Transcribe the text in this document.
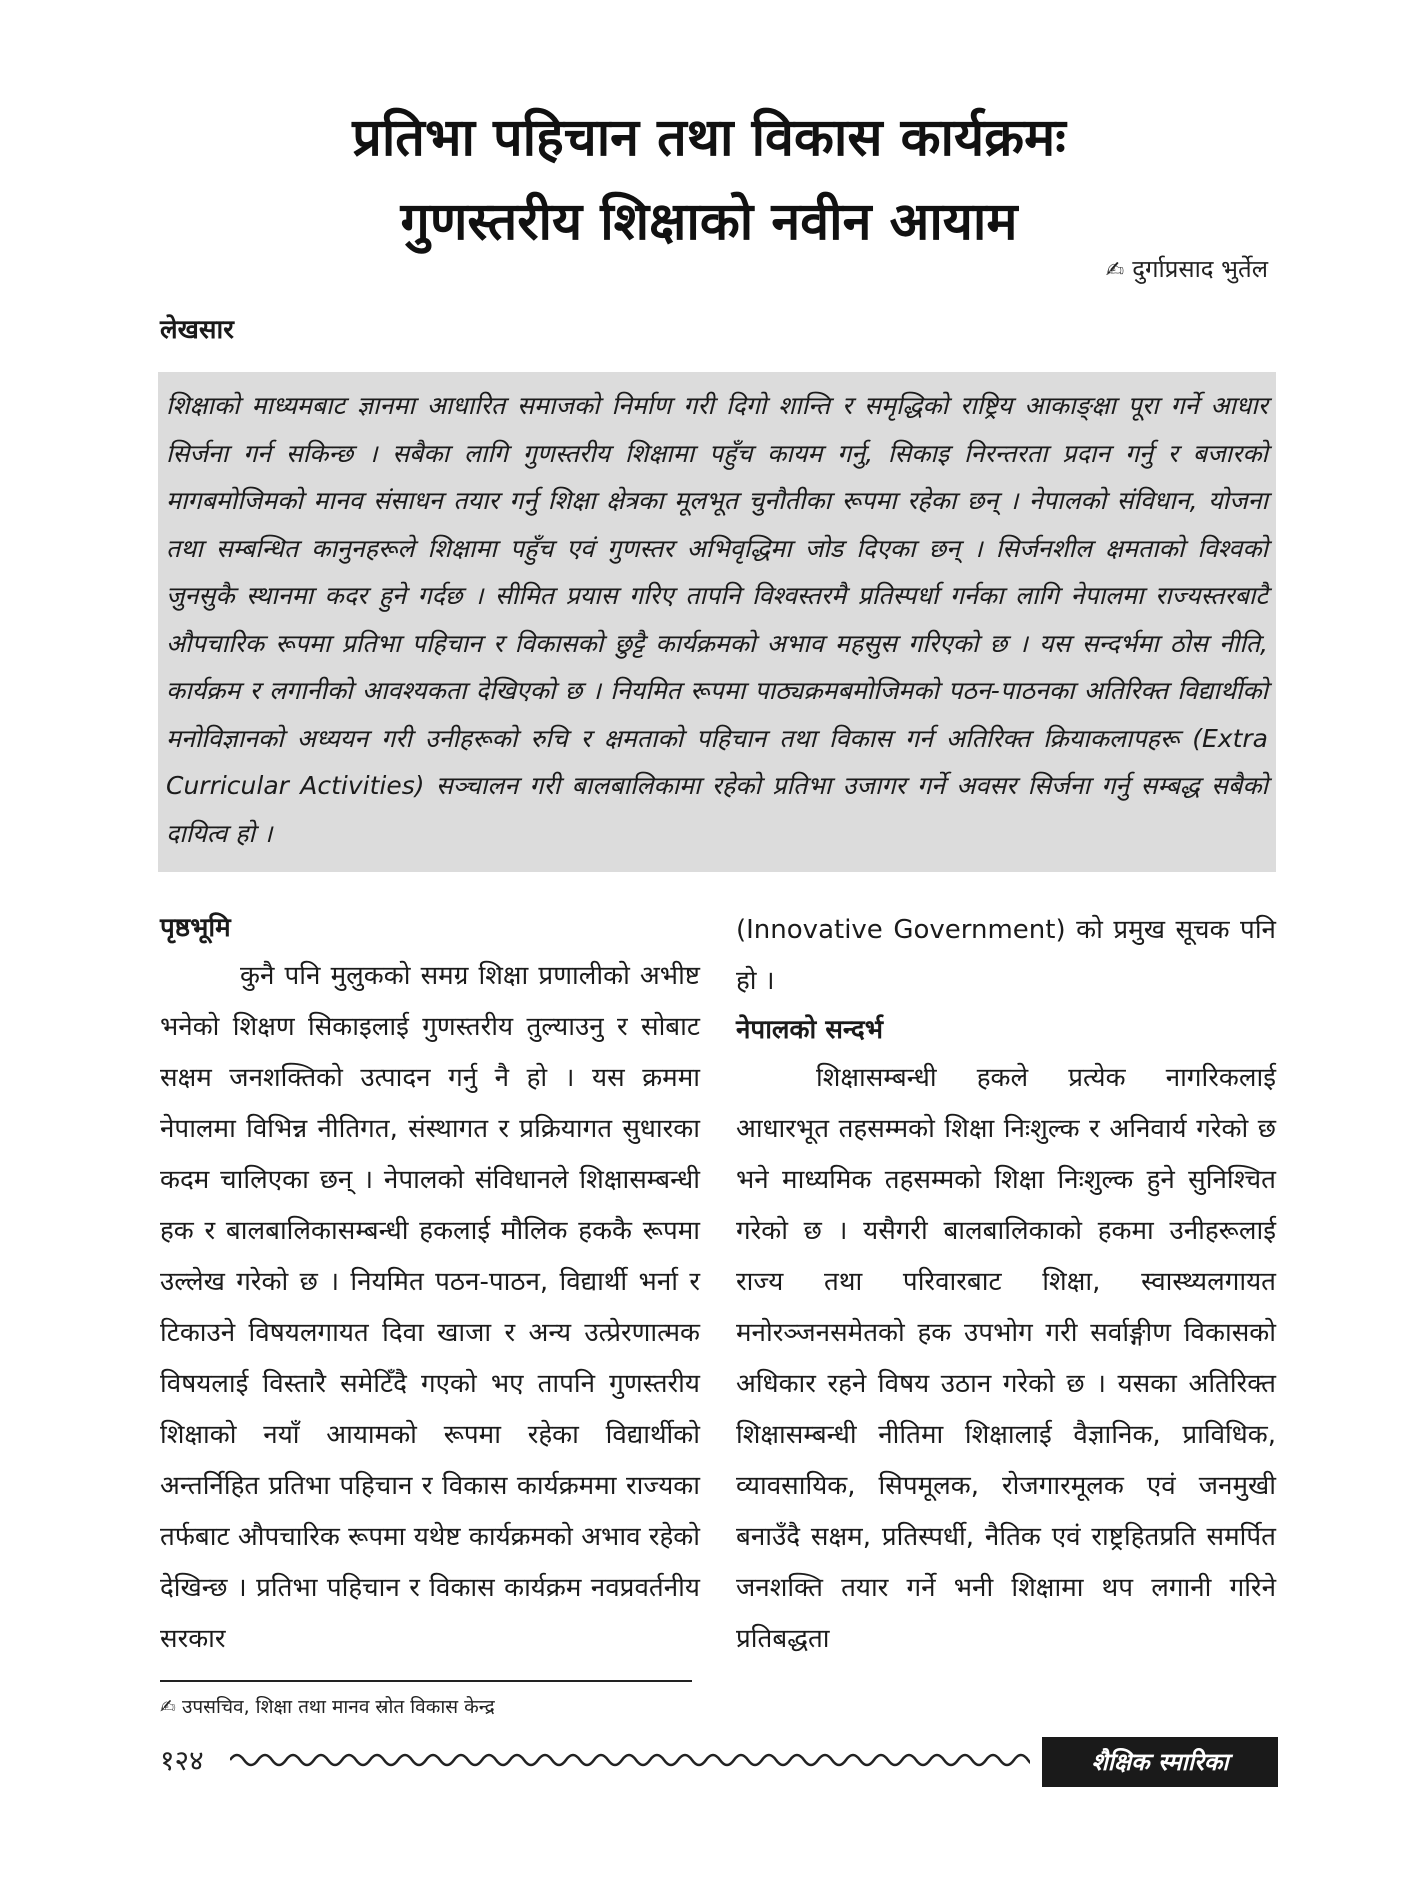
प्रतिभा पहिचान तथा विकास कार्यक्रमः

गुणस्तरीय शिक्षाको नवीन आयाम

✍ दुर्गाप्रसाद भुर्तेल
लेखसार
शिक्षाको माध्यमबाट ज्ञानमा आधारित समाजको निर्माण गरी दिगो शान्ति र समृद्धिको राष्ट्रिय आकाङ्क्षा पूरा गर्ने आधार सिर्जना गर्न सकिन्छ । सबैका लागि गुणस्तरीय शिक्षामा पहुँच कायम गर्नु, सिकाइ निरन्तरता प्रदान गर्नु र बजारको मागबमोजिमको मानव संसाधन तयार गर्नु शिक्षा क्षेत्रका मूलभूत चुनौतीका रूपमा रहेका छन् । नेपालको संविधान, योजना तथा सम्बन्धित कानुनहरूले शिक्षामा पहुँच एवं गुणस्तर अभिवृद्धिमा जोड दिएका छन् । सिर्जनशील क्षमताको विश्वको जुनसुकै स्थानमा कदर हुने गर्दछ । सीमित प्रयास गरिए तापनि विश्वस्तरमै प्रतिस्पर्धा गर्नका लागि नेपालमा राज्यस्तरबाटै औपचारिक रूपमा प्रतिभा पहिचान र विकासको छुट्टै कार्यक्रमको अभाव महसुस गरिएको छ । यस सन्दर्भमा ठोस नीति, कार्यक्रम र लगानीको आवश्यकता देखिएको छ । नियमित रूपमा पाठ्यक्रमबमोजिमको पठन-पाठनका अतिरिक्त विद्यार्थीको मनोविज्ञानको अध्ययन गरी उनीहरूको रुचि र क्षमताको पहिचान तथा विकास गर्न अतिरिक्त क्रियाकलापहरू (Extra Curricular Activities) सञ्चालन गरी बालबालिकामा रहेको प्रतिभा उजागर गर्ने अवसर सिर्जना गर्नु सम्बद्ध सबैको दायित्व हो ।

पृष्ठभूमि

कुनै पनि मुलुकको समग्र शिक्षा प्रणालीको अभीष्ट भनेको शिक्षण सिकाइलाई गुणस्तरीय तुल्याउनु र सोबाट सक्षम जनशक्तिको उत्पादन गर्नु नै हो । यस क्रममा नेपालमा विभिन्न नीतिगत, संस्थागत र प्रक्रियागत सुधारका कदम चालिएका छन् । नेपालको संविधानले शिक्षासम्बन्धी हक र बालबालिकासम्बन्धी हकलाई मौलिक हककै रूपमा उल्लेख गरेको छ । नियमित पठन-पाठन, विद्यार्थी भर्ना र टिकाउने विषयलगायत दिवा खाजा र अन्य उत्प्रेरणात्मक विषयलाई विस्तारै समेटिँदै गएको भए तापनि गुणस्तरीय शिक्षाको नयाँ आयामको रूपमा रहेका विद्यार्थीको अन्तर्निहित प्रतिभा पहिचान र विकास कार्यक्रममा राज्यका तर्फबाट औपचारिक रूपमा यथेष्ट कार्यक्रमको अभाव रहेको देखिन्छ । प्रतिभा पहिचान र विकास कार्यक्रम नवप्रवर्तनीय सरकार

(Innovative Government) को प्रमुख सूचक पनि हो ।

नेपालको सन्दर्भ

शिक्षासम्बन्धी हकले प्रत्येक नागरिकलाई आधारभूत तहसम्मको शिक्षा निःशुल्क र अनिवार्य गरेको छ भने माध्यमिक तहसम्मको शिक्षा निःशुल्क हुने सुनिश्चित गरेको छ । यसैगरी बालबालिकाको हकमा उनीहरूलाई राज्य तथा परिवारबाट शिक्षा, स्वास्थ्यलगायत मनोरञ्जनसमेतको हक उपभोग गरी सर्वाङ्गीण विकासको अधिकार रहने विषय उठान गरेको छ । यसका अतिरिक्त शिक्षासम्बन्धी नीतिमा शिक्षालाई वैज्ञानिक, प्राविधिक, व्यावसायिक, सिपमूलक, रोजगारमूलक एवं जनमुखी बनाउँदै सक्षम, प्रतिस्पर्धी, नैतिक एवं राष्ट्रहितप्रति समर्पित जनशक्ति तयार गर्ने भनी शिक्षामा थप लगानी गरिने प्रतिबद्धता

✍ उपसचिव, शिक्षा तथा मानव स्रोत विकास केन्द्र
१२४	शैक्षिक स्मारिका
